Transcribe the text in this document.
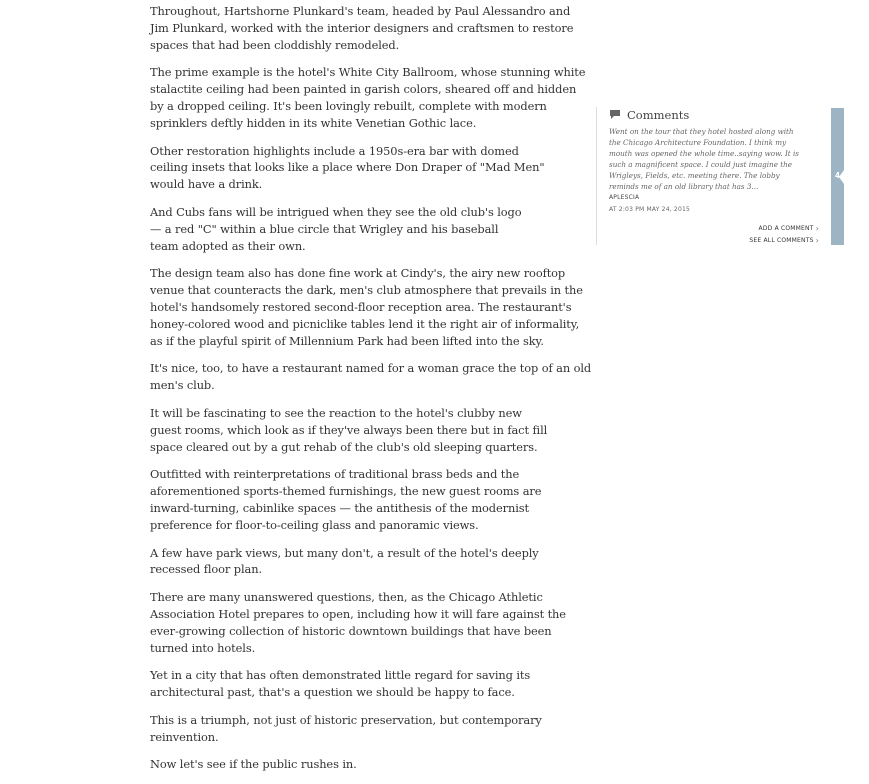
Throughout, Hartshorne Plunkard's team, headed by Paul Alessandro and Jim Plunkard, worked with the interior designers and craftsmen to restore spaces that had been cloddishly remodeled.

The prime example is the hotel's White City Ballroom, whose stunning white stalactite ceiling had been painted in garish colors, sheared off and hidden by a dropped ceiling. It's been lovingly rebuilt, complete with modern sprinklers deftly hidden in its white Venetian Gothic lace.

Other restoration highlights include a 1950s-era bar with domed ceiling insets that looks like a place where Don Draper of "Mad Men" would have a drink.

And Cubs fans will be intrigued when they see the old club's logo — a red "C" within a blue circle that Wrigley and his baseball team adopted as their own.

The design team also has done fine work at Cindy's, the airy new rooftop venue that counteracts the dark, men's club atmosphere that prevails in the hotel's handsomely restored second-floor reception area. The restaurant's honey-colored wood and picniclike tables lend it the right air of informality, as if the playful spirit of Millennium Park had been lifted into the sky.

It's nice, too, to have a restaurant named for a woman grace the top of an old men's club.

It will be fascinating to see the reaction to the hotel's clubby new guest rooms, which look as if they've always been there but in fact fill space cleared out by a gut rehab of the club's old sleeping quarters.

Outfitted with reinterpretations of traditional brass beds and the aforementioned sports-themed furnishings, the new guest rooms are inward-turning, cabinlike spaces — the antithesis of the modernist preference for floor-to-ceiling glass and panoramic views.

A few have park views, but many don't, a result of the hotel's deeply recessed floor plan.

There are many unanswered questions, then, as the Chicago Athletic Association Hotel prepares to open, including how it will fare against the ever-growing collection of historic downtown buildings that have been turned into hotels.

Yet in a city that has often demonstrated little regard for saving its architectural past, that's a question we should be happy to face.

This is a triumph, not just of historic preservation, but contemporary reinvention.

Now let's see if the public rushes in.

Comments
Went on the tour that they hotel hosted along with the Chicago Architecture Foundation. I think my mouth was opened the whole time..saying wow. It is such a magnificent space. I could just imagine the Wrigleys, Fields, etc. meeting there. The lobby reminds me of an old library that has 3...
APLESCIA
AT 2:03 PM MAY 24, 2015
ADD A COMMENT ›
SEE ALL COMMENTS ›
4
